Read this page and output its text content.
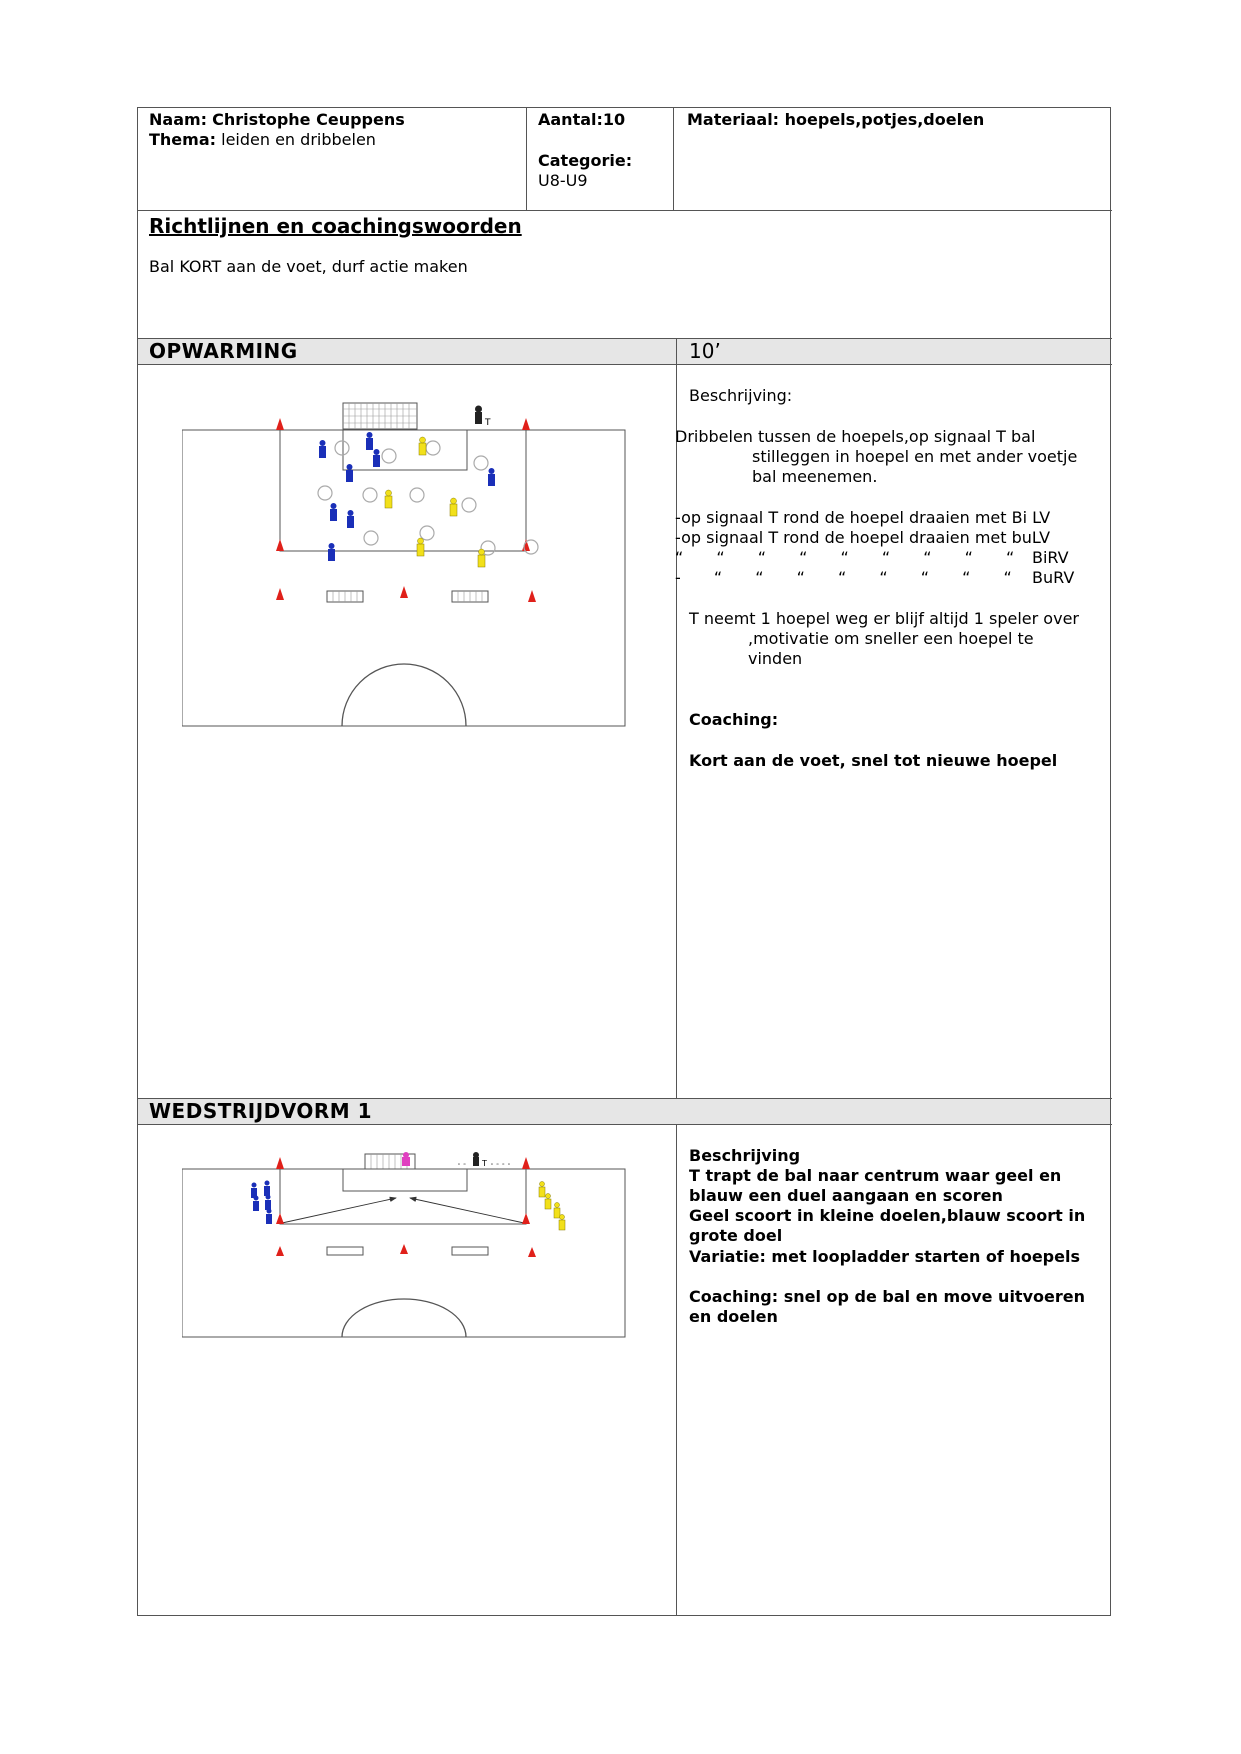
Naam: Christophe Ceuppens
Thema: leiden en dribbelen
Aantal:10
Categorie:
U8-U9
Materiaal: hoepels,potjes,doelen
Richtlijnen en coachingswoorden
Bal KORT aan de voet, durf actie maken
OPWARMING	10’
Beschrijving:
Dribbelen tussen de hoepels,op signaal T bal
stilleggen in hoepel en met ander voetje
bal meenemen.
-op signaal T rond de hoepel draaien met Bi LV
-op signaal T rond de hoepel draaien met buLV
“ “ “ “ “ “ “ “ “ BiRV
- “ “ “ “ “ “ “ “ BuRV
T neemt 1 hoepel weg er blijf altijd 1 speler over
,motivatie om sneller een hoepel te
vinden
Coaching:
Kort aan de voet, snel tot nieuwe hoepel
T
WEDSTRIJDVORM 1
Beschrijving
T trapt de bal naar centrum waar geel en
blauw een duel aangaan en scoren
Geel scoort in kleine doelen,blauw scoort in
grote doel
Variatie: met loopladder starten of hoepels
Coaching: snel op de bal en move uitvoeren
en doelen
T
∘ ∘	∘ ∘ ∘ ∘
